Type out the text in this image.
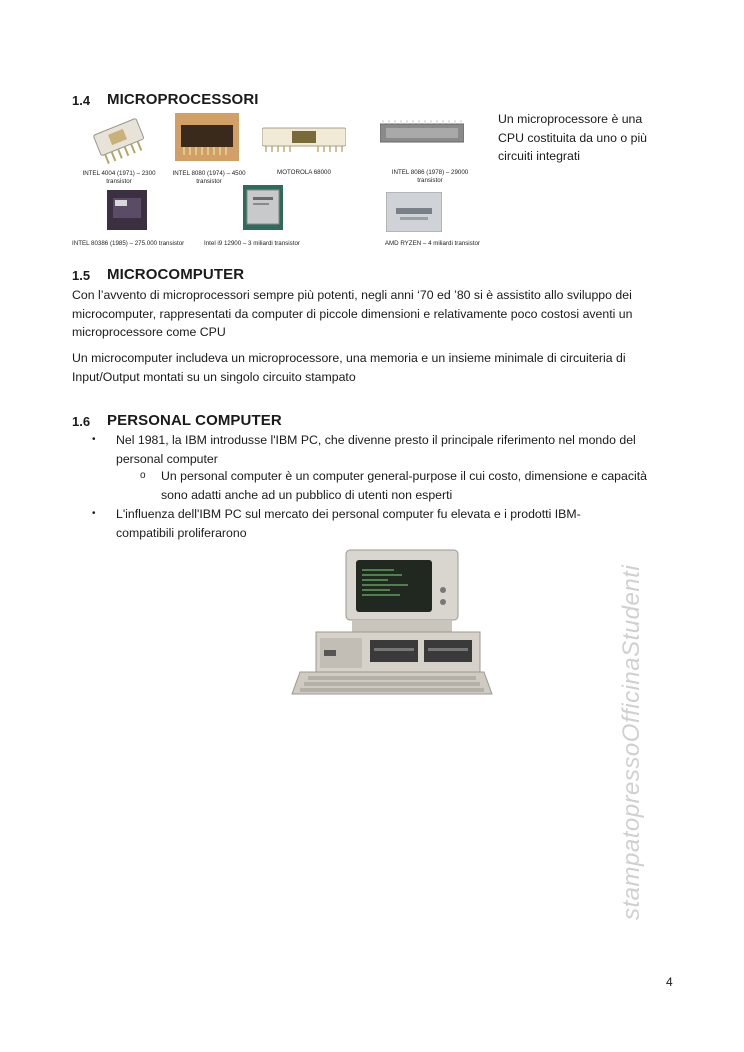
1.4 MICROPROCESSORI
Un microprocessore è una CPU costituita da uno o più circuiti integrati
INTEL 4004 (1971) – 2300
transistor
INTEL 8080 (1974) – 4500
transistor
MOTOROLA 68000	INTEL 8086 (1978) – 29000
transistor
INTEL 80386 (1985) – 275.000 transistor	Intel i9 12900 – 3 miliardi transistor	AMD RYZEN – 4 miliardi transistor
1.5 MICROCOMPUTER
Con l’avvento di microprocessori sempre più potenti, negli anni ‘70 ed ’80 si è assistito allo sviluppo dei microcomputer, rappresentati da computer di piccole dimensioni e relativamente poco costosi aventi un microprocessore come CPU
Un microcomputer includeva un microprocessore, una memoria e un insieme minimale di circuiteria di Input/Output montati su un singolo circuito stampato
1.6 PERSONAL COMPUTER
• Nel 1981, la IBM introdusse l'IBM PC, che divenne presto il principale riferimento nel mondo del personal computer
o Un personal computer è un computer general-purpose il cui costo, dimensione e capacità sono adatti anche ad un pubblico di utenti non esperti
• L'influenza dell'IBM PC sul mercato dei personal computer fu elevata e i prodotti IBM-compatibili proliferarono
stampatopressoOfficinaStudenti
4
